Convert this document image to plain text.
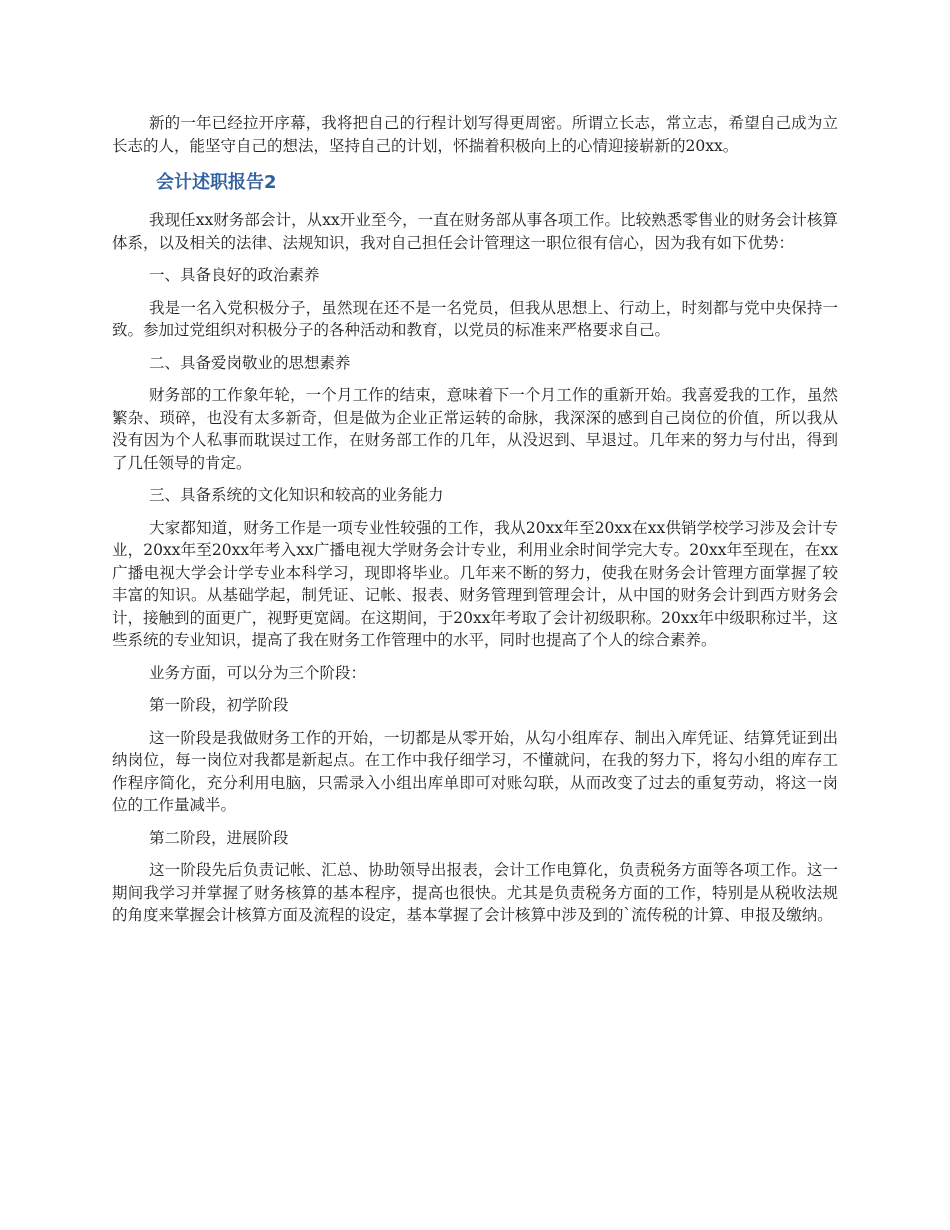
新的一年已经拉开序幕，我将把自己的行程计划写得更周密。所谓立长志，常立志，希望自己成为立长志的人，能坚守自己的想法，坚持自己的计划，怀揣着积极向上的心情迎接崭新的20xx。

会计述职报告2

我现任xx财务部会计，从xx开业至今，一直在财务部从事各项工作。比较熟悉零售业的财务会计核算体系，以及相关的法律、法规知识，我对自己担任会计管理这一职位很有信心，因为我有如下优势：

一、具备良好的政治素养

我是一名入党积极分子，虽然现在还不是一名党员，但我从思想上、行动上，时刻都与党中央保持一致。参加过党组织对积极分子的各种活动和教育，以党员的标准来严格要求自己。

二、具备爱岗敬业的思想素养

财务部的工作象年轮，一个月工作的结束，意味着下一个月工作的重新开始。我喜爱我的工作，虽然繁杂、琐碎，也没有太多新奇，但是做为企业正常运转的命脉，我深深的感到自己岗位的价值，所以我从没有因为个人私事而耽误过工作，在财务部工作的几年，从没迟到、早退过。几年来的努力与付出，得到了几任领导的肯定。

三、具备系统的文化知识和较高的业务能力

大家都知道，财务工作是一项专业性较强的工作，我从20xx年至20xx在xx供销学校学习涉及会计专业，20xx年至20xx年考入xx广播电视大学财务会计专业，利用业余时间学完大专。20xx年至现在，在xx广播电视大学会计学专业本科学习，现即将毕业。几年来不断的努力，使我在财务会计管理方面掌握了较丰富的知识。从基础学起，制凭证、记帐、报表、财务管理到管理会计，从中国的财务会计到西方财务会计，接触到的面更广，视野更宽阔。在这期间，于20xx年考取了会计初级职称。20xx年中级职称过半，这些系统的专业知识，提高了我在财务工作管理中的水平，同时也提高了个人的综合素养。

业务方面，可以分为三个阶段：

第一阶段，初学阶段

这一阶段是我做财务工作的开始，一切都是从零开始，从勾小组库存、制出入库凭证、结算凭证到出纳岗位，每一岗位对我都是新起点。在工作中我仔细学习，不懂就问，在我的努力下，将勾小组的库存工作程序简化，充分利用电脑，只需录入小组出库单即可对账勾联，从而改变了过去的重复劳动，将这一岗位的工作量减半。

第二阶段，进展阶段

这一阶段先后负责记帐、汇总、协助领导出报表，会计工作电算化，负责税务方面等各项工作。这一期间我学习并掌握了财务核算的基本程序，提高也很快。尤其是负责税务方面的工作，特别是从税收法规的角度来掌握会计核算方面及流程的设定，基本掌握了会计核算中涉及到的`流传税的计算、申报及缴纳。
